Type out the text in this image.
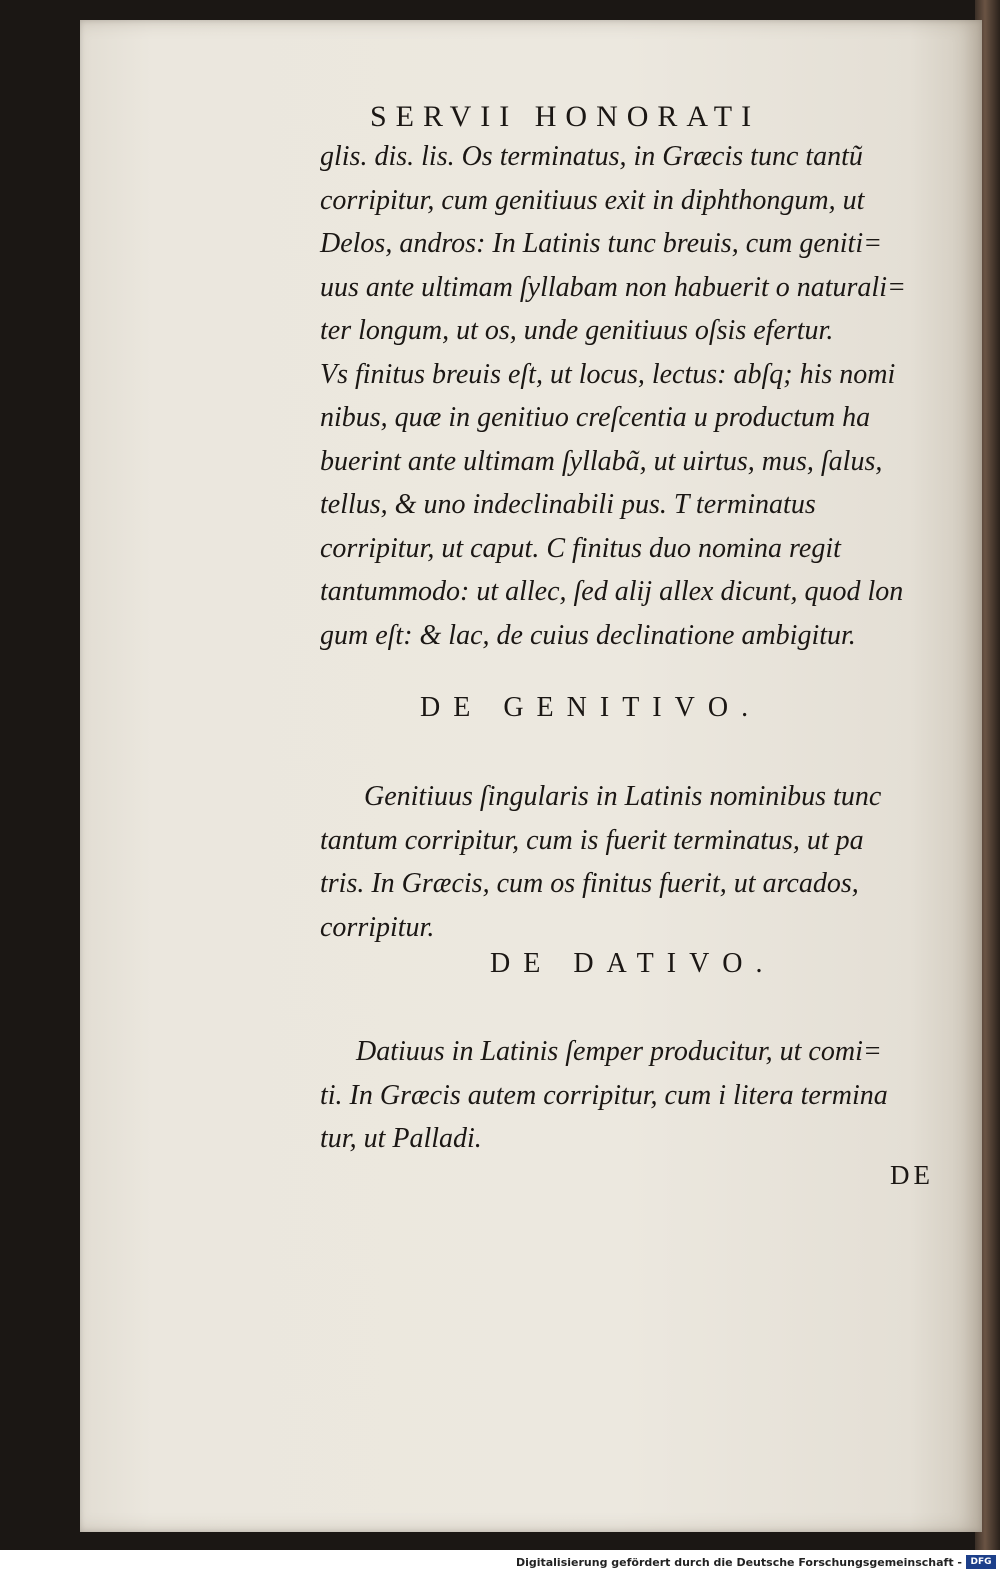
SERVII HONORATI
glis. dis. lis. Os terminatus, in Græcis tunc tantũ
corripitur, cum genitiuus exit in diphthongum, ut
Delos, andros: In Latinis tunc breuis, cum geniti=
uus ante ultimam ſyllabam non habuerit o naturali=
ter longum, ut os, unde genitiuus oſsis efertur.
Vs finitus breuis eſt, ut locus, lectus: abſq; his nomi
nibus, quæ in genitiuo creſcentia u productum ha
buerint ante ultimam ſyllabã, ut uirtus, mus, ſalus,
tellus, & uno indeclinabili pus. T terminatus
corripitur, ut caput. C finitus duo nomina regit
tantummodo: ut allec, ſed alij allex dicunt, quod lon
gum eſt: & lac, de cuius declinatione ambigitur.
DE GENITIVO.
Genitiuus ſingularis in Latinis nominibus tunc
tantum corripitur, cum is fuerit terminatus, ut pa
tris. In Græcis, cum os finitus fuerit, ut arcados,
corripitur.
DE DATIVO.
Datiuus in Latinis ſemper producitur, ut comi=
ti. In Græcis autem corripitur, cum i litera termina
tur, ut Palladi.
DE
Digitalisierung gefördert durch die Deutsche Forschungsgemeinschaft - DFG
